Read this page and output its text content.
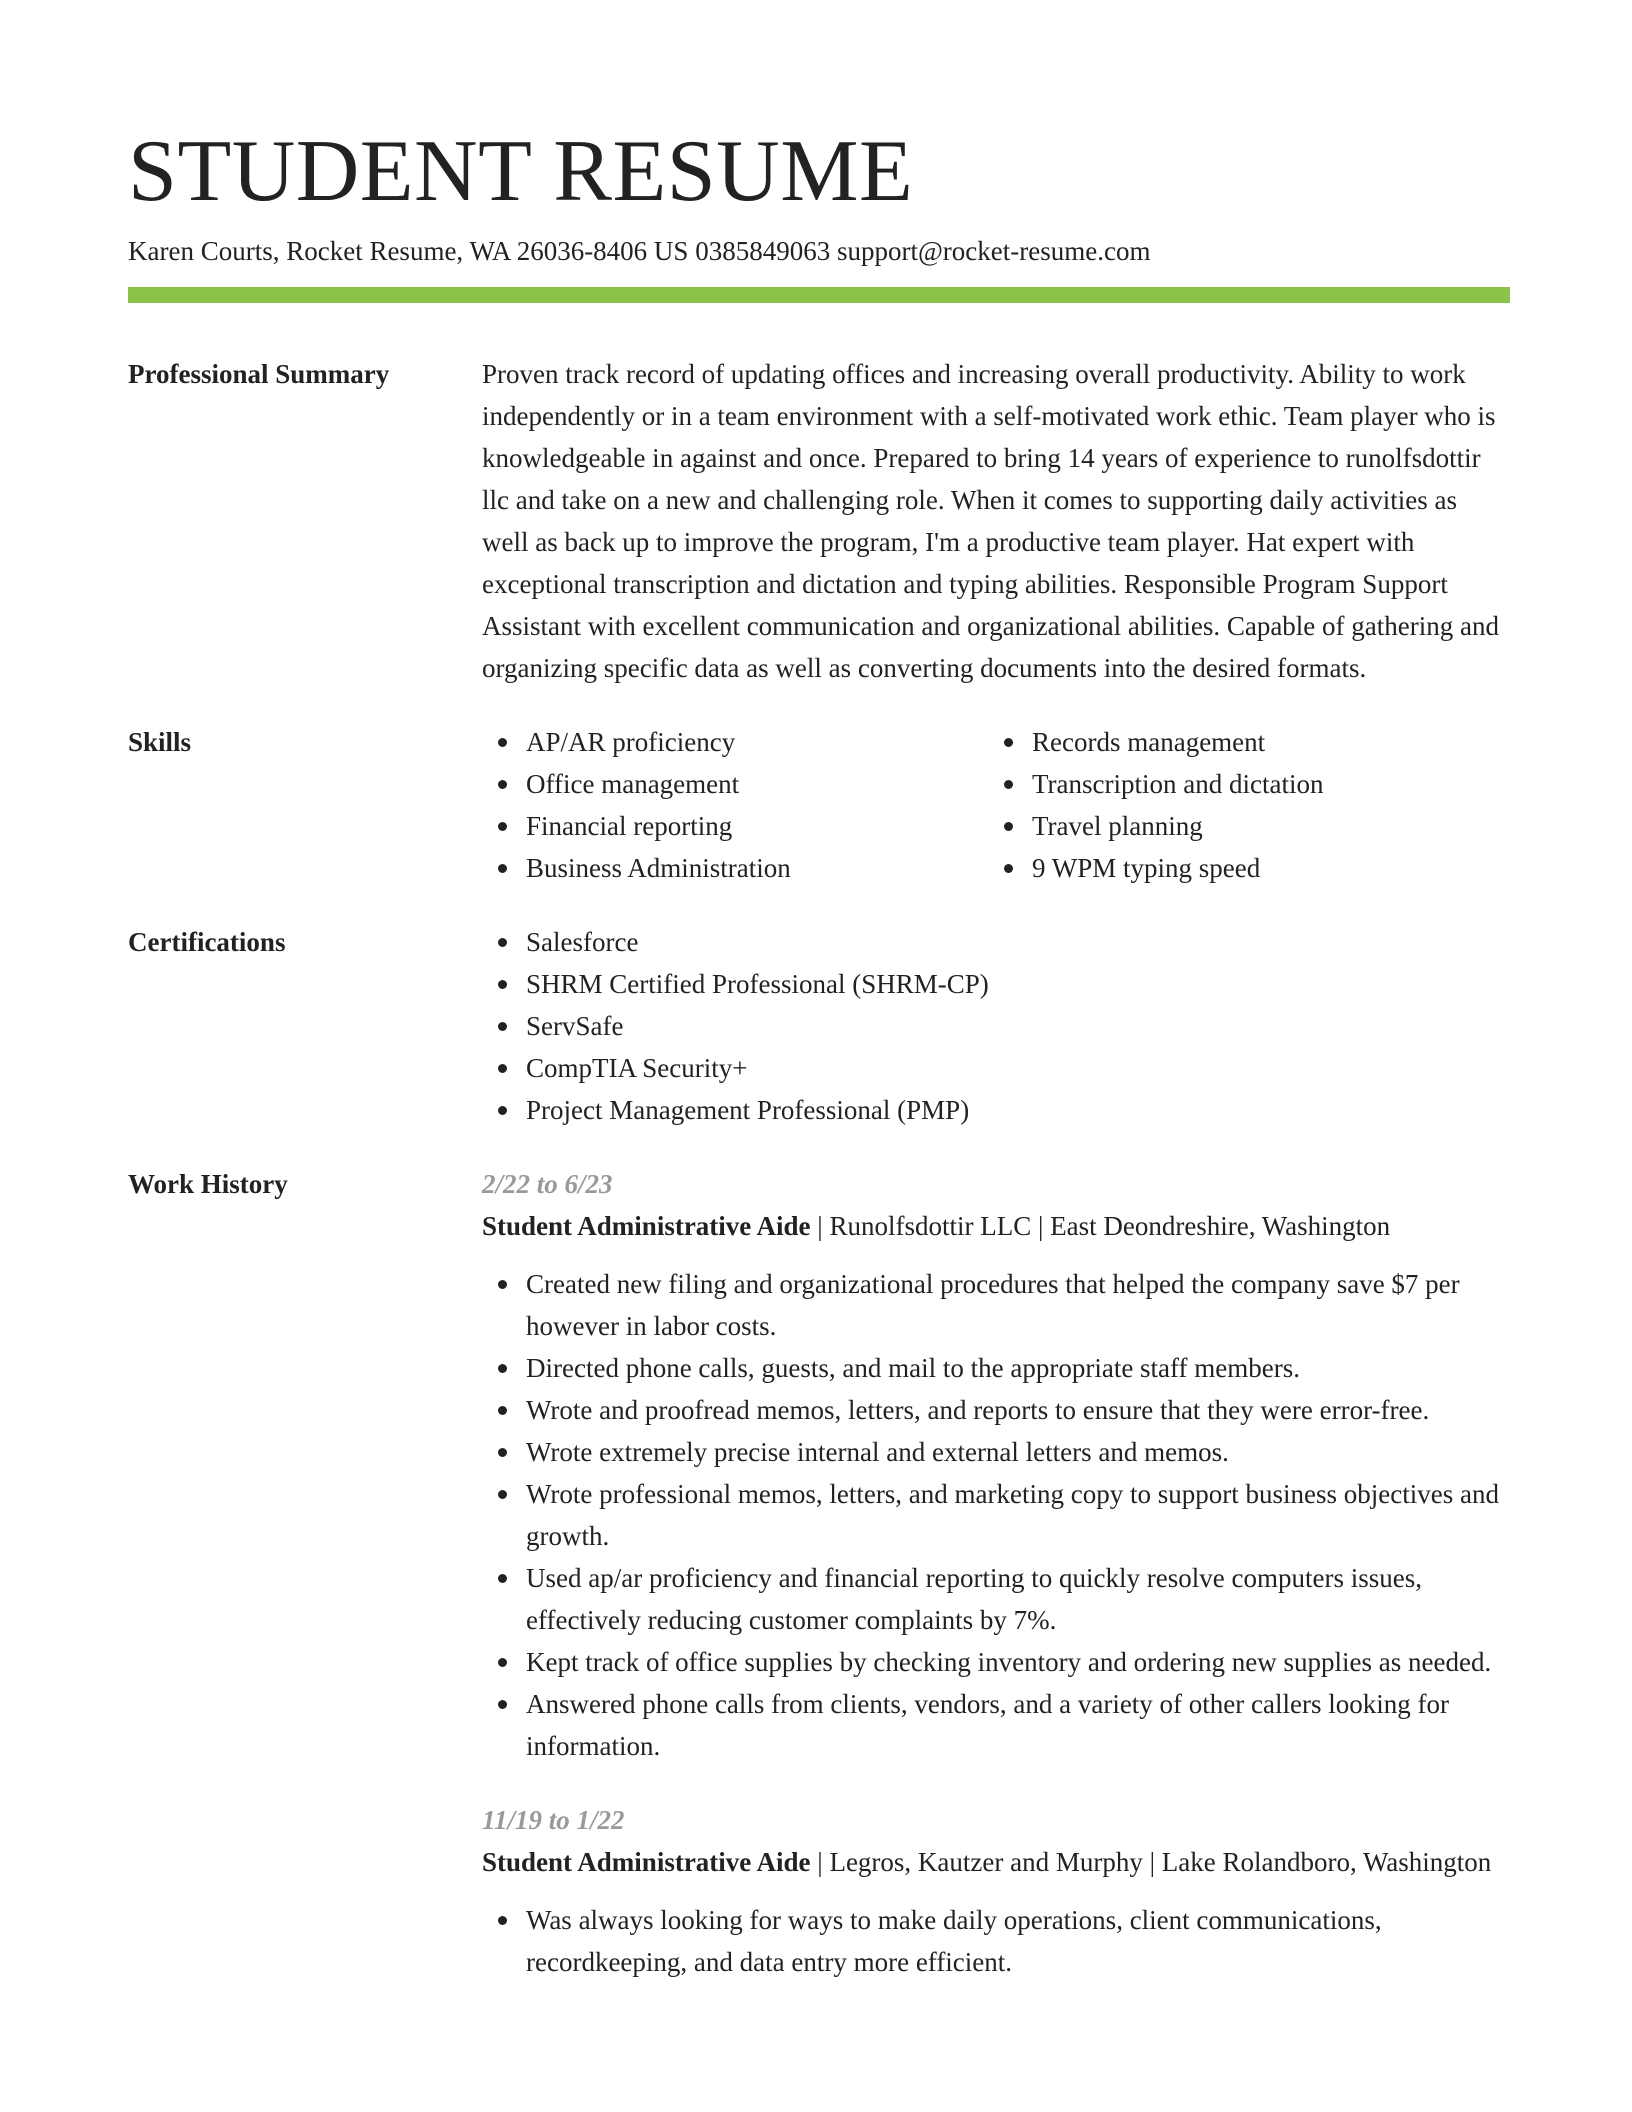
STUDENT RESUME
Karen Courts, Rocket Resume, WA 26036-8406 US 0385849063 support@rocket-resume.com
Professional Summary	Proven track record of updating offices and increasing overall productivity. Ability to work independently or in a team environment with a self-motivated work ethic. Team player who is knowledgeable in against and once. Prepared to bring 14 years of experience to runolfsdottir llc and take on a new and challenging role. When it comes to supporting daily activities as well as back up to improve the program, I'm a productive team player. Hat expert with exceptional transcription and dictation and typing abilities. Responsible Program Support Assistant with excellent communication and organizational abilities. Capable of gathering and organizing specific data as well as converting documents into the desired formats.

Skills	AP/AR proficiency
Office management
Financial reporting
Business Administration
Records management
Transcription and dictation
Travel planning
9 WPM typing speed
Certifications	Salesforce
SHRM Certified Professional (SHRM-CP)
ServSafe
CompTIA Security+
Project Management Professional (PMP)
Work History	2/22 to 6/23
Student Administrative Aide | Runolfsdottir LLC | East Deondreshire, Washington
Created new filing and organizational procedures that helped the company save $7 per however in labor costs.
Directed phone calls, guests, and mail to the appropriate staff members.
Wrote and proofread memos, letters, and reports to ensure that they were error-free.
Wrote extremely precise internal and external letters and memos.
Wrote professional memos, letters, and marketing copy to support business objectives and growth.
Used ap/ar proficiency and financial reporting to quickly resolve computers issues, effectively reducing customer complaints by 7%.
Kept track of office supplies by checking inventory and ordering new supplies as needed.
Answered phone calls from clients, vendors, and a variety of other callers looking for information.
11/19 to 1/22
Student Administrative Aide | Legros, Kautzer and Murphy | Lake Rolandboro, Washington
Was always looking for ways to make daily operations, client communications, recordkeeping, and data entry more efficient.
